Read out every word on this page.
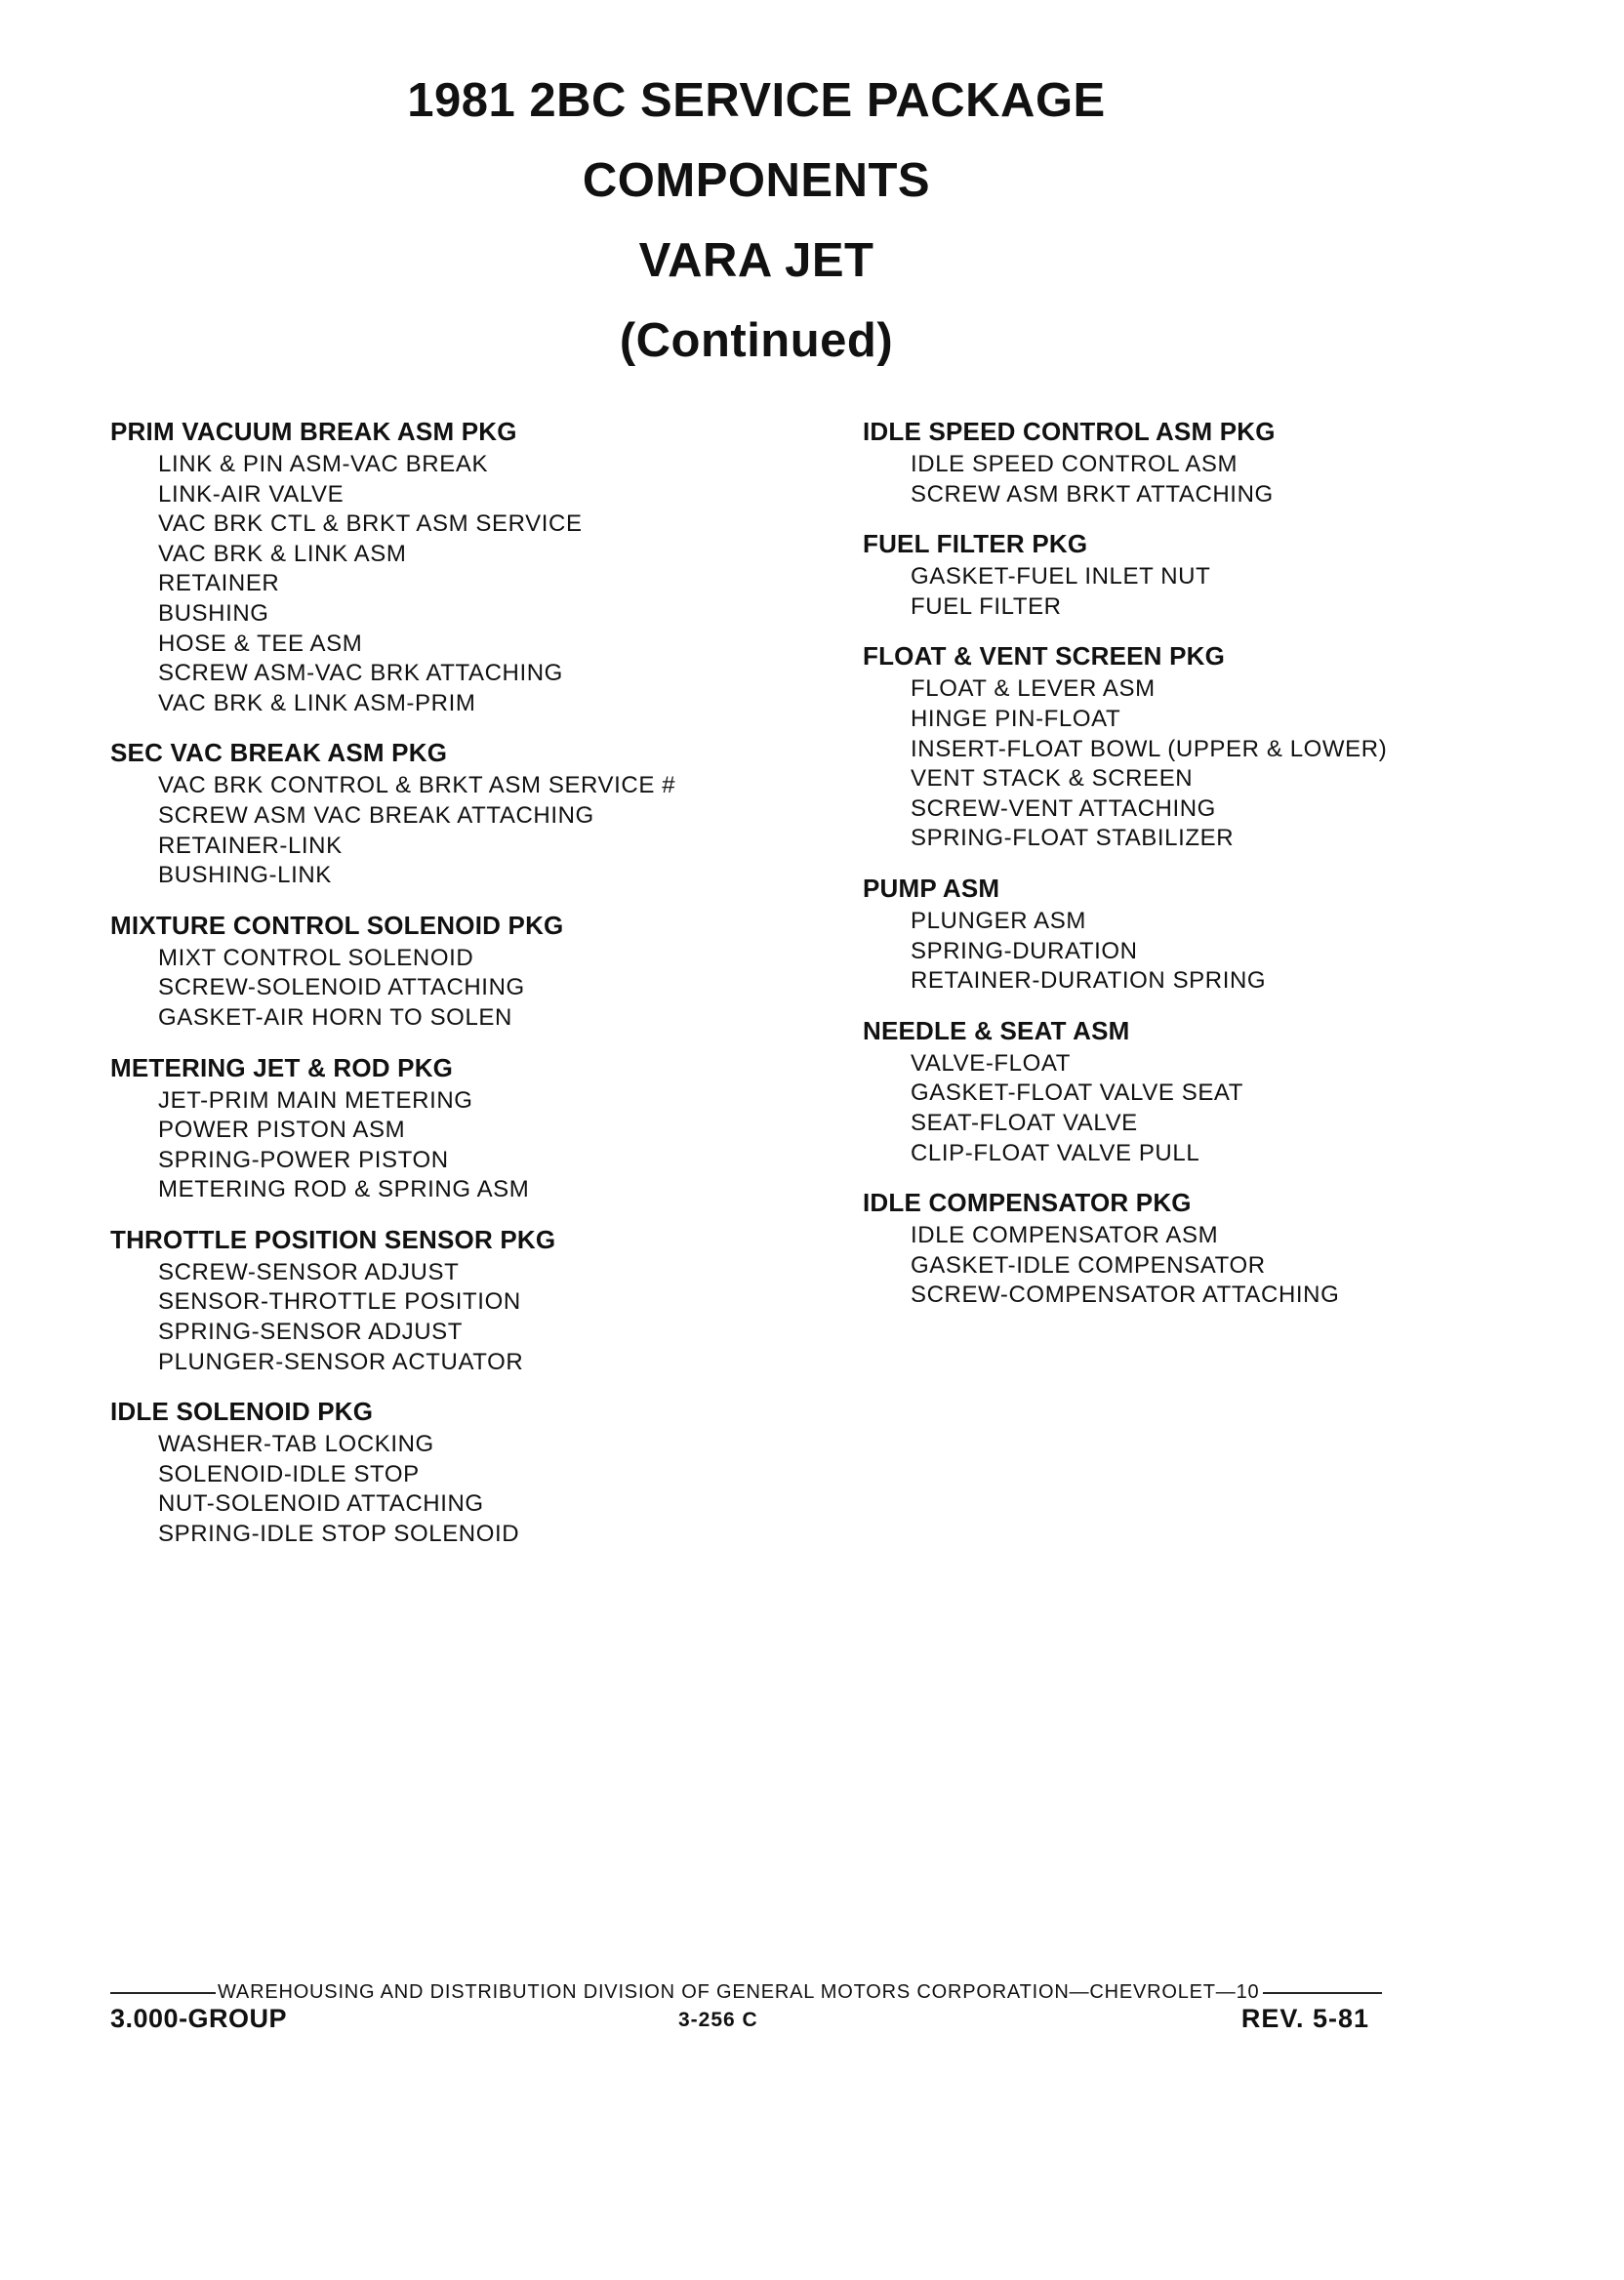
1981 2BC SERVICE PACKAGE

COMPONENTS

VARA JET

(Continued)

PRIM VACUUM BREAK ASM PKG
LINK & PIN ASM-VAC BREAK
LINK-AIR VALVE
VAC BRK CTL & BRKT ASM SERVICE
VAC BRK & LINK ASM
RETAINER
BUSHING
HOSE & TEE ASM
SCREW ASM-VAC BRK ATTACHING
VAC BRK & LINK ASM-PRIM
SEC VAC BREAK ASM PKG
VAC BRK CONTROL & BRKT ASM SERVICE #
SCREW ASM VAC BREAK ATTACHING
RETAINER-LINK
BUSHING-LINK
MIXTURE CONTROL SOLENOID PKG
MIXT CONTROL SOLENOID
SCREW-SOLENOID ATTACHING
GASKET-AIR HORN TO SOLEN
METERING JET & ROD PKG
JET-PRIM MAIN METERING
POWER PISTON ASM
SPRING-POWER PISTON
METERING ROD & SPRING ASM
THROTTLE POSITION SENSOR PKG
SCREW-SENSOR ADJUST
SENSOR-THROTTLE POSITION
SPRING-SENSOR ADJUST
PLUNGER-SENSOR ACTUATOR
IDLE SOLENOID PKG
WASHER-TAB LOCKING
SOLENOID-IDLE STOP
NUT-SOLENOID ATTACHING
SPRING-IDLE STOP SOLENOID
IDLE SPEED CONTROL ASM PKG
IDLE SPEED CONTROL ASM
SCREW ASM BRKT ATTACHING
FUEL FILTER PKG
GASKET-FUEL INLET NUT
FUEL FILTER
FLOAT & VENT SCREEN PKG
FLOAT & LEVER ASM
HINGE PIN-FLOAT
INSERT-FLOAT BOWL (UPPER & LOWER)
VENT STACK & SCREEN
SCREW-VENT ATTACHING
SPRING-FLOAT STABILIZER
PUMP ASM
PLUNGER ASM
SPRING-DURATION
RETAINER-DURATION SPRING
NEEDLE & SEAT ASM
VALVE-FLOAT
GASKET-FLOAT VALVE SEAT
SEAT-FLOAT VALVE
CLIP-FLOAT VALVE PULL
IDLE COMPENSATOR PKG
IDLE COMPENSATOR ASM
GASKET-IDLE COMPENSATOR
SCREW-COMPENSATOR ATTACHING
WAREHOUSING AND DISTRIBUTION DIVISION OF GENERAL MOTORS CORPORATION—CHEVROLET—10
3.000-GROUP	3-256 C	REV. 5-81
